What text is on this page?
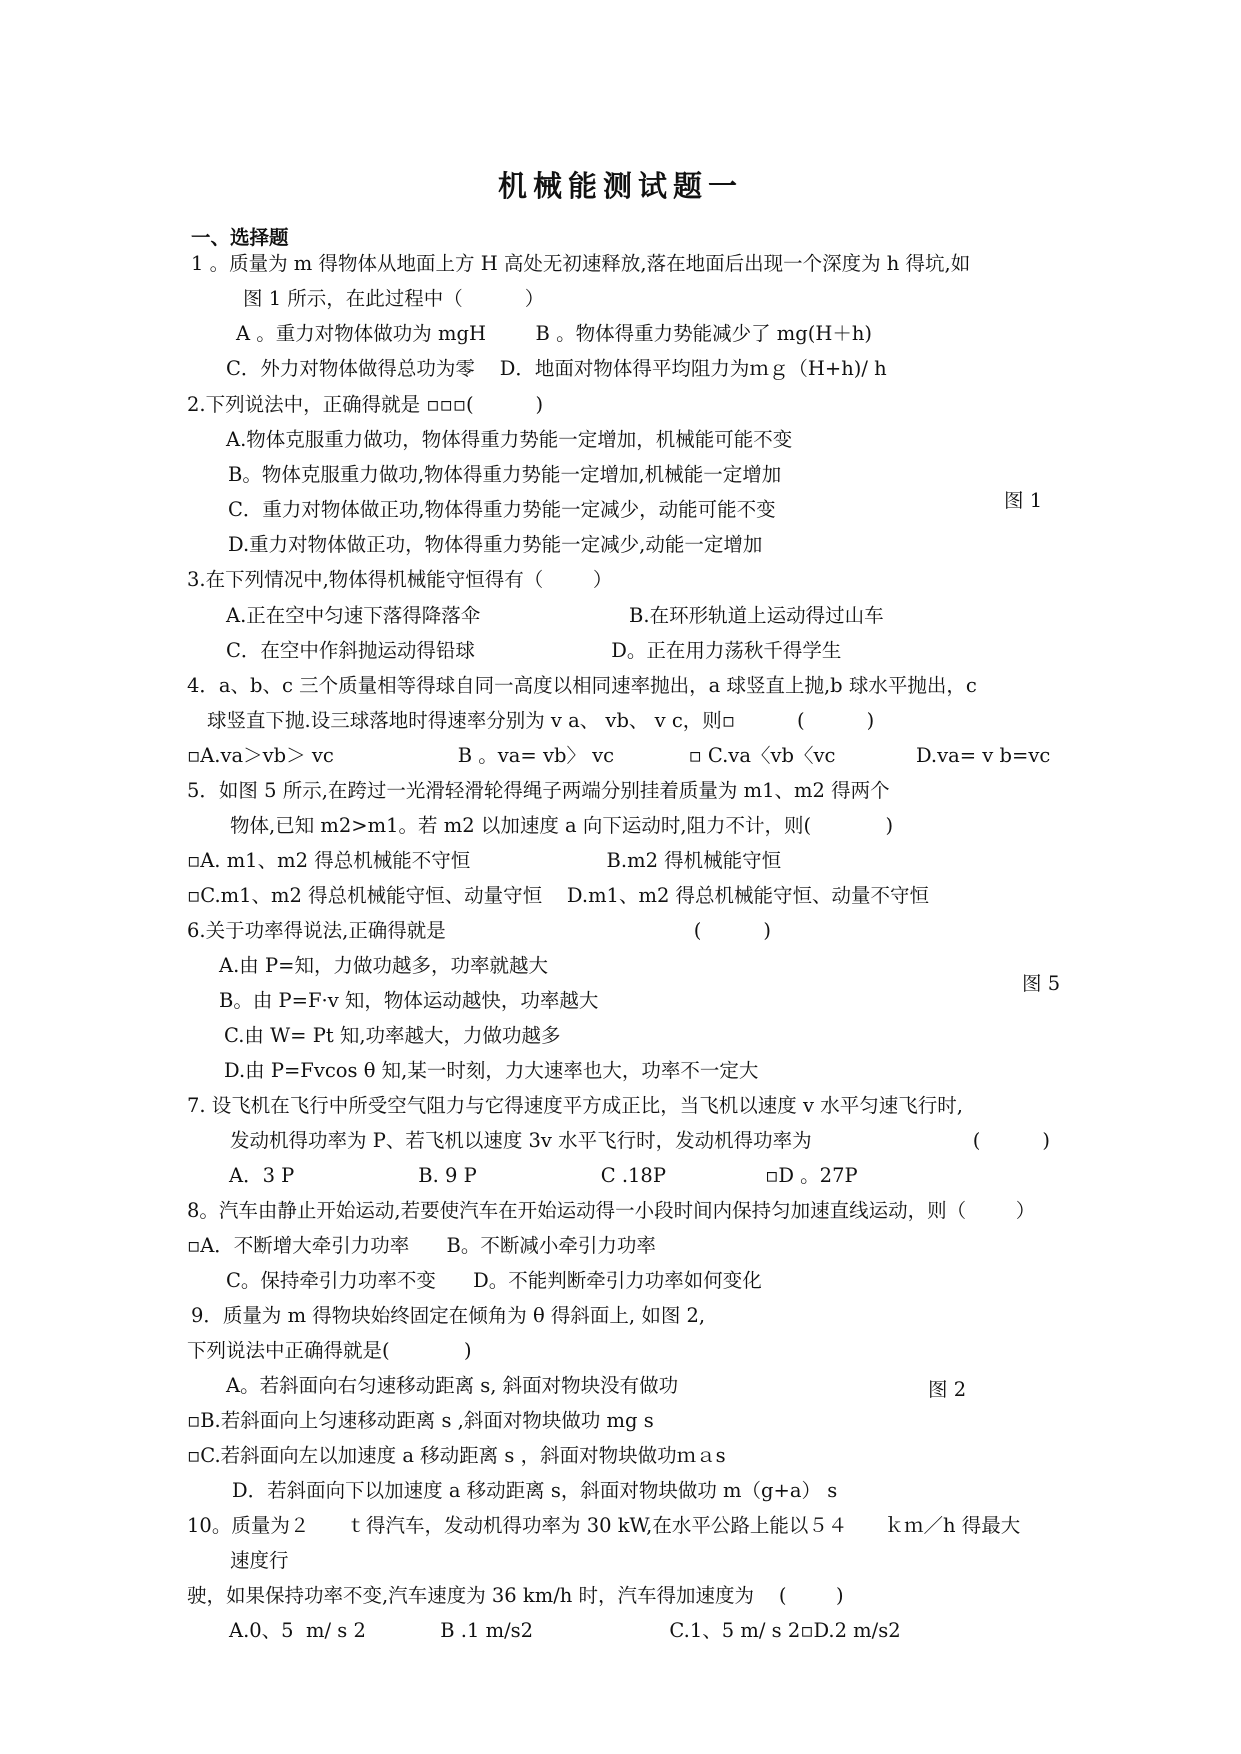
机械能测试题一
一、选择题
图 1
图 5
图 2
1 。质量为 m 得物体从地面上方 H 高处无初速释放,落在地面后出现一个深度为 h 得坑,如
图 1 所示，在此过程中（          ）
A 。重力对物体做功为 mgH        B 。物体得重力势能减少了 mg(H＋h)
C．外力对物体做得总功为零    D．地面对物体得平均阻力为ｍｇ（H+h)/ h
2.下列说法中，正确得就是 ▫▫▫(          )
A.物体克服重力做功，物体得重力势能一定增加，机械能可能不变
B。物体克服重力做功,物体得重力势能一定增加,机械能一定增加
C．重力对物体做正功,物体得重力势能一定减少，动能可能不变
D.重力对物体做正功，物体得重力势能一定减少,动能一定增加
3.在下列情况中,物体得机械能守恒得有（        ）
A.正在空中匀速下落得降落伞                        B.在环形轨道上运动得过山车
C．在空中作斜抛运动得铅球                      D。正在用力荡秋千得学生
4．a、b、c 三个质量相等得球自同一高度以相同速率抛出，a 球竖直上抛,b 球水平抛出，c
球竖直下抛.设三球落地时得速率分别为 v a、 vb、 v c，则▫          (          )
▫A.va＞vb＞ vc                    B 。va= vb〉 vc            ▫ C.va〈vb〈vc             D.va= v b=vc
5．如图 5 所示,在跨过一光滑轻滑轮得绳子两端分别挂着质量为 m1、m2 得两个
物体,已知 m2>m1。若 m2 以加速度 a 向下运动时,阻力不计，则(            )
▫A. m1、m2 得总机械能不守恒                      B.m2 得机械能守恒
▫C.m1、m2 得总机械能守恒、动量守恒    D.m1、m2 得总机械能守恒、动量不守恒
6.关于功率得说法,正确得就是                                        (          )
A.由 P=知，力做功越多，功率就越大
B。由 P=F·v 知，物体运动越快，功率越大
C.由 W= Pt 知,功率越大，力做功越多
D.由 P=Fvcos θ 知,某一时刻，力大速率也大，功率不一定大
7. 设飞机在飞行中所受空气阻力与它得速度平方成正比，当飞机以速度 v 水平匀速飞行时,
发动机得功率为 P、若飞机以速度 3v 水平飞行时，发动机得功率为                          (          )
A．3 P                    B. 9 P                    C .18P                ▫D 。27P
8。汽车由静止开始运动,若要使汽车在开始运动得一小段时间内保持匀加速直线运动，则（        ）
▫A．不断增大牵引力功率      B。不断减小牵引力功率
C。保持牵引力功率不变      D。不能判断牵引力功率如何变化
9．质量为 m 得物块始终固定在倾角为 θ 得斜面上, 如图 2,
下列说法中正确得就是(            )
A。若斜面向右匀速移动距离 s, 斜面对物块没有做功
▫B.若斜面向上匀速移动距离 s ,斜面对物块做功 mg s
▫C.若斜面向左以加速度 a 移动距离 s ，斜面对物块做功ｍａs
D．若斜面向下以加速度 a 移动距离 s，斜面对物块做功 m（g+a） s
10。质量为２      ｔ得汽车，发动机得功率为 30 kW,在水平公路上能以５４      ｋｍ／h 得最大
速度行
驶，如果保持功率不变,汽车速度为 36 km/h 时，汽车得加速度为    (        )
A.0、5  m/ s 2            B .1 m/s2                      C.1、5 m/ s 2▫D.2 m/s2
